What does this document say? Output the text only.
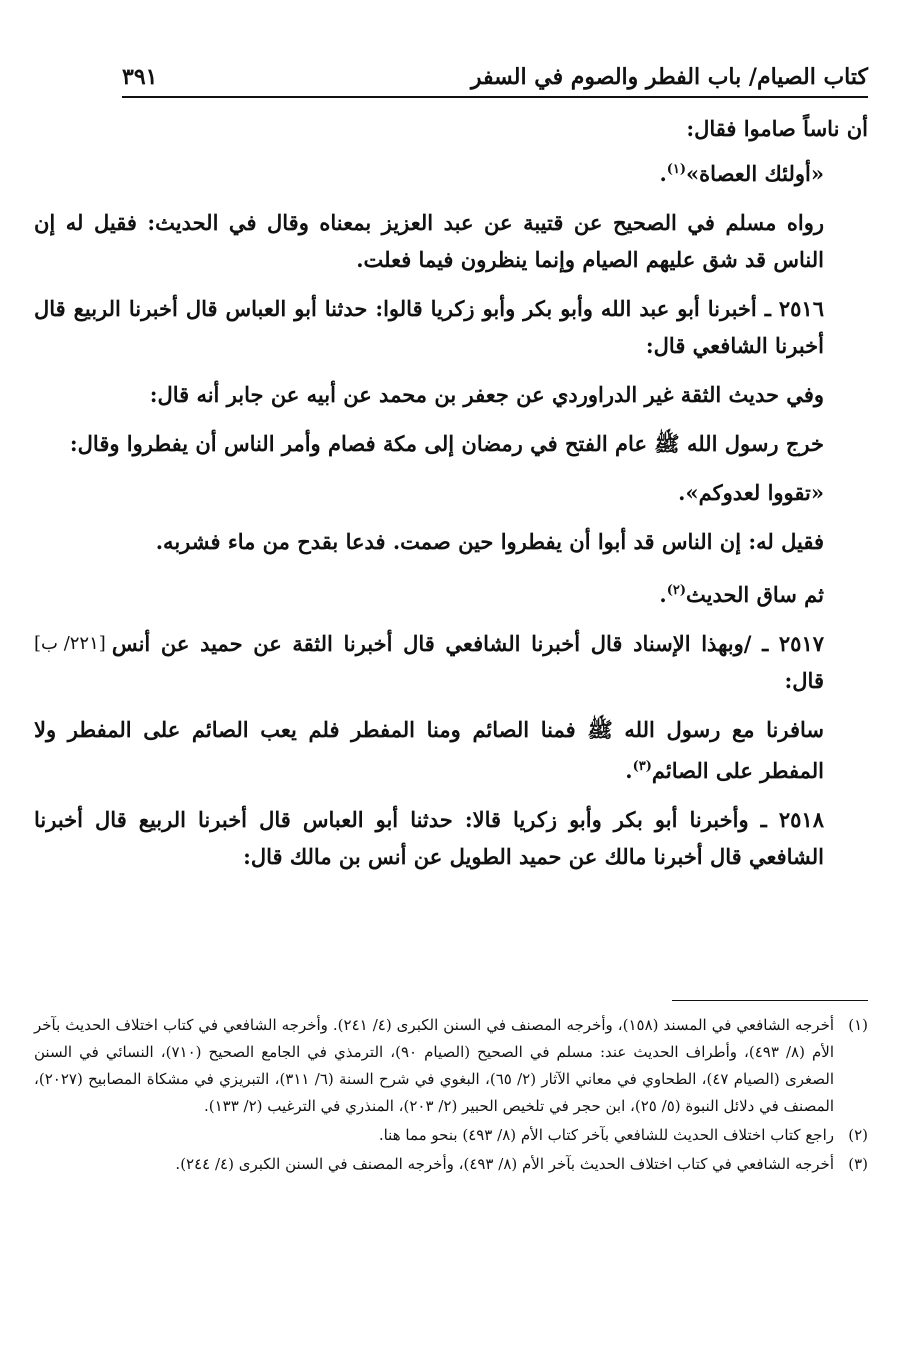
كتاب الصيام/ باب الفطر والصوم في السفر
٣٩١

أن ناساً صاموا فقال:

«أولئك العصاة»$^{(١)}$.

رواه مسلم في الصحيح عن قتيبة عن عبد العزيز بمعناه وقال في الحديث: فقيل له إن الناس قد شق عليهم الصيام وإنما ينظرون فيما فعلت.

٢٥١٦ ـ أخبرنا أبو عبد الله وأبو بكر وأبو زكريا قالوا: حدثنا أبو العباس قال أخبرنا الربيع قال أخبرنا الشافعي قال:

وفي حديث الثقة غير الدراوردي عن جعفر بن محمد عن أبيه عن جابر أنه قال:

خرج رسول الله ﷺ عام الفتح في رمضان إلى مكة فصام وأمر الناس أن يفطروا وقال:

«تقووا لعدوكم».

فقيل له: إن الناس قد أبوا أن يفطروا حين صمت. فدعا بقدح من ماء فشربه.

ثم ساق الحديث$^{(٢)}$.

[٢٢١/ ب]	٢٥١٧ ـ /وبهذا الإسناد قال أخبرنا الشافعي قال أخبرنا الثقة عن حميد عن أنس قال:

سافرنا مع رسول الله ﷺ فمنا الصائم ومنا المفطر فلم يعب الصائم على المفطر ولا المفطر على الصائم$^{(٣)}$.

٢٥١٨ ـ وأخبرنا أبو بكر وأبو زكريا قالا: حدثنا أبو العباس قال أخبرنا الربيع قال أخبرنا الشافعي قال أخبرنا مالك عن حميد الطويل عن أنس بن مالك قال:

(١)
أخرجه الشافعي في المسند (١٥٨)، وأخرجه المصنف في السنن الكبرى (٤/ ٢٤١). وأخرجه الشافعي في كتاب اختلاف الحديث بآخر الأم (٨/ ٤٩٣)، وأطراف الحديث عند: مسلم في الصحيح (الصيام ٩٠)، الترمذي في الجامع الصحيح (٧١٠)، النسائي في السنن الصغرى (الصيام ٤٧)، الطحاوي في معاني الآثار (٢/ ٦٥)، البغوي في شرح السنة (٦/ ٣١١)، التبريزي في مشكاة المصابيح (٢٠٢٧)، المصنف في دلائل النبوة (٥/ ٢٥)، ابن حجر في تلخيص الحبير (٢/ ٢٠٣)، المنذري في الترغيب (٢/ ١٣٣).
(٢)
راجع كتاب اختلاف الحديث للشافعي بآخر كتاب الأم (٨/ ٤٩٣) بنحو مما هنا.
(٣)
أخرجه الشافعي في كتاب اختلاف الحديث بآخر الأم (٨/ ٤٩٣)، وأخرجه المصنف في السنن الكبرى (٤/ ٢٤٤).
